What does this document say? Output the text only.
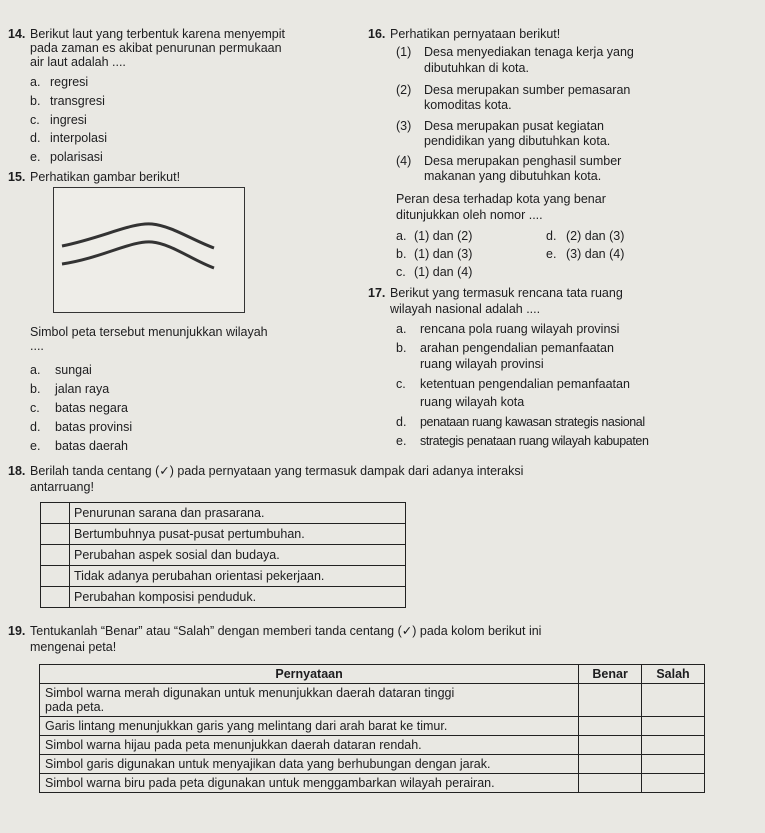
14. Berikut laut yang terbentuk karena menyempit
pada zaman es akibat penurunan permukaan
air laut adalah ....
a. regresi
b. transgresi
c. ingresi
d. interpolasi
e. polarisasi
15. Perhatikan gambar berikut!
Simbol peta tersebut menunjukkan wilayah
....
a. sungai
b. jalan raya
c. batas negara
d. batas provinsi
e. batas daerah
16. Perhatikan pernyataan berikut!
(1) Desa menyediakan tenaga kerja yang
dibutuhkan di kota.
(2) Desa merupakan sumber pemasaran
komoditas kota.
(3) Desa merupakan pusat kegiatan
pendidikan yang dibutuhkan kota.
(4) Desa merupakan penghasil sumber
makanan yang dibutuhkan kota.
Peran desa terhadap kota yang benar
ditunjukkan oleh nomor ....
a. (1) dan (2)
b. (1) dan (3)
c. (1) dan (4)
d. (2) dan (3)
e. (3) dan (4)
17. Berikut yang termasuk rencana tata ruang
wilayah nasional adalah ....
a. rencana pola ruang wilayah provinsi
b. arahan pengendalian pemanfaatan
ruang wilayah provinsi
c. ketentuan pengendalian pemanfaatan
ruang wilayah kota
d. penataan ruang kawasan strategis nasional
e. strategis penataan ruang wilayah kabupaten
18. Berilah tanda centang (✓) pada pernyataan yang termasuk dampak dari adanya interaksi
antarruang!
	Penurunan sarana dan prasarana.
	Bertumbuhnya pusat-pusat pertumbuhan.
	Perubahan aspek sosial dan budaya.
	Tidak adanya perubahan orientasi pekerjaan.
	Perubahan komposisi penduduk.
19. Tentukanlah “Benar” atau “Salah” dengan memberi tanda centang (✓) pada kolom berikut ini
mengenai peta!
Pernyataan	Benar	Salah

Simbol warna merah digunakan untuk menunjukkan daerah dataran tinggi
pada peta.		

Garis lintang menunjukkan garis yang melintang dari arah barat ke timur.		
Simbol warna hijau pada peta menunjukkan daerah dataran rendah.		
Simbol garis digunakan untuk menyajikan data yang berhubungan dengan jarak.		
Simbol warna biru pada peta digunakan untuk menggambarkan wilayah perairan.		
